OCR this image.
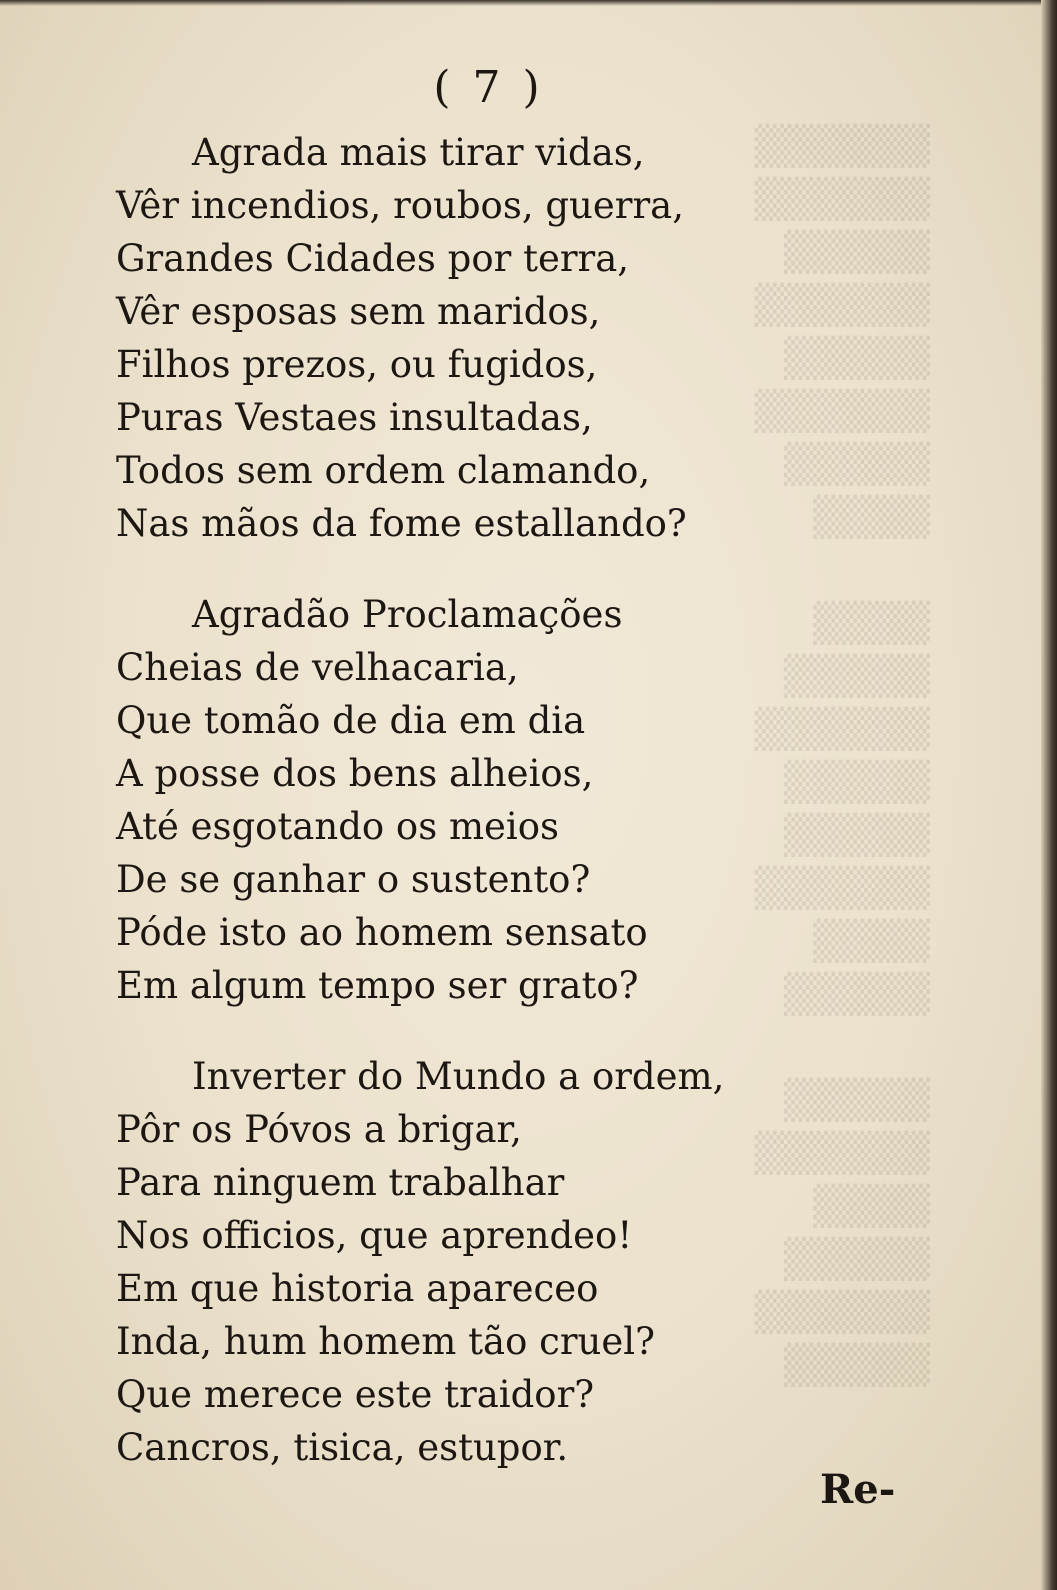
▒▒▒▒▒▒
▒▒▒▒▒▒
▒▒▒▒▒
▒▒▒▒▒▒
▒▒▒▒▒
▒▒▒▒▒▒
▒▒▒▒▒
▒▒▒▒

▒▒▒▒
▒▒▒▒▒
▒▒▒▒▒▒
▒▒▒▒▒
▒▒▒▒▒
▒▒▒▒▒▒
▒▒▒▒
▒▒▒▒▒

▒▒▒▒▒
▒▒▒▒▒▒
▒▒▒▒
▒▒▒▒▒
▒▒▒▒▒▒
▒▒▒▒▒
( 7 )
Agrada mais tirar vidas,
Vêr incendios, roubos, guerra,
Grandes Cidades por terra,
Vêr esposas sem maridos,
Filhos prezos, ou fugidos,
Puras Vestaes insultadas,
Todos sem ordem clamando,
Nas mãos da fome estallando?
Agradão Proclamações
Cheias de velhacaria,
Que tomão de dia em dia
A posse dos bens alheios,
Até esgotando os meios
De se ganhar o sustento?
Póde isto ao homem sensato
Em algum tempo ser grato?
Inverter do Mundo a ordem,
Pôr os Póvos a brigar,
Para ninguem trabalhar
Nos officios, que aprendeo!
Em que historia apareceo
Inda, hum homem tão cruel?
Que merece este traidor?
Cancros, tisica, estupor.
Re-
